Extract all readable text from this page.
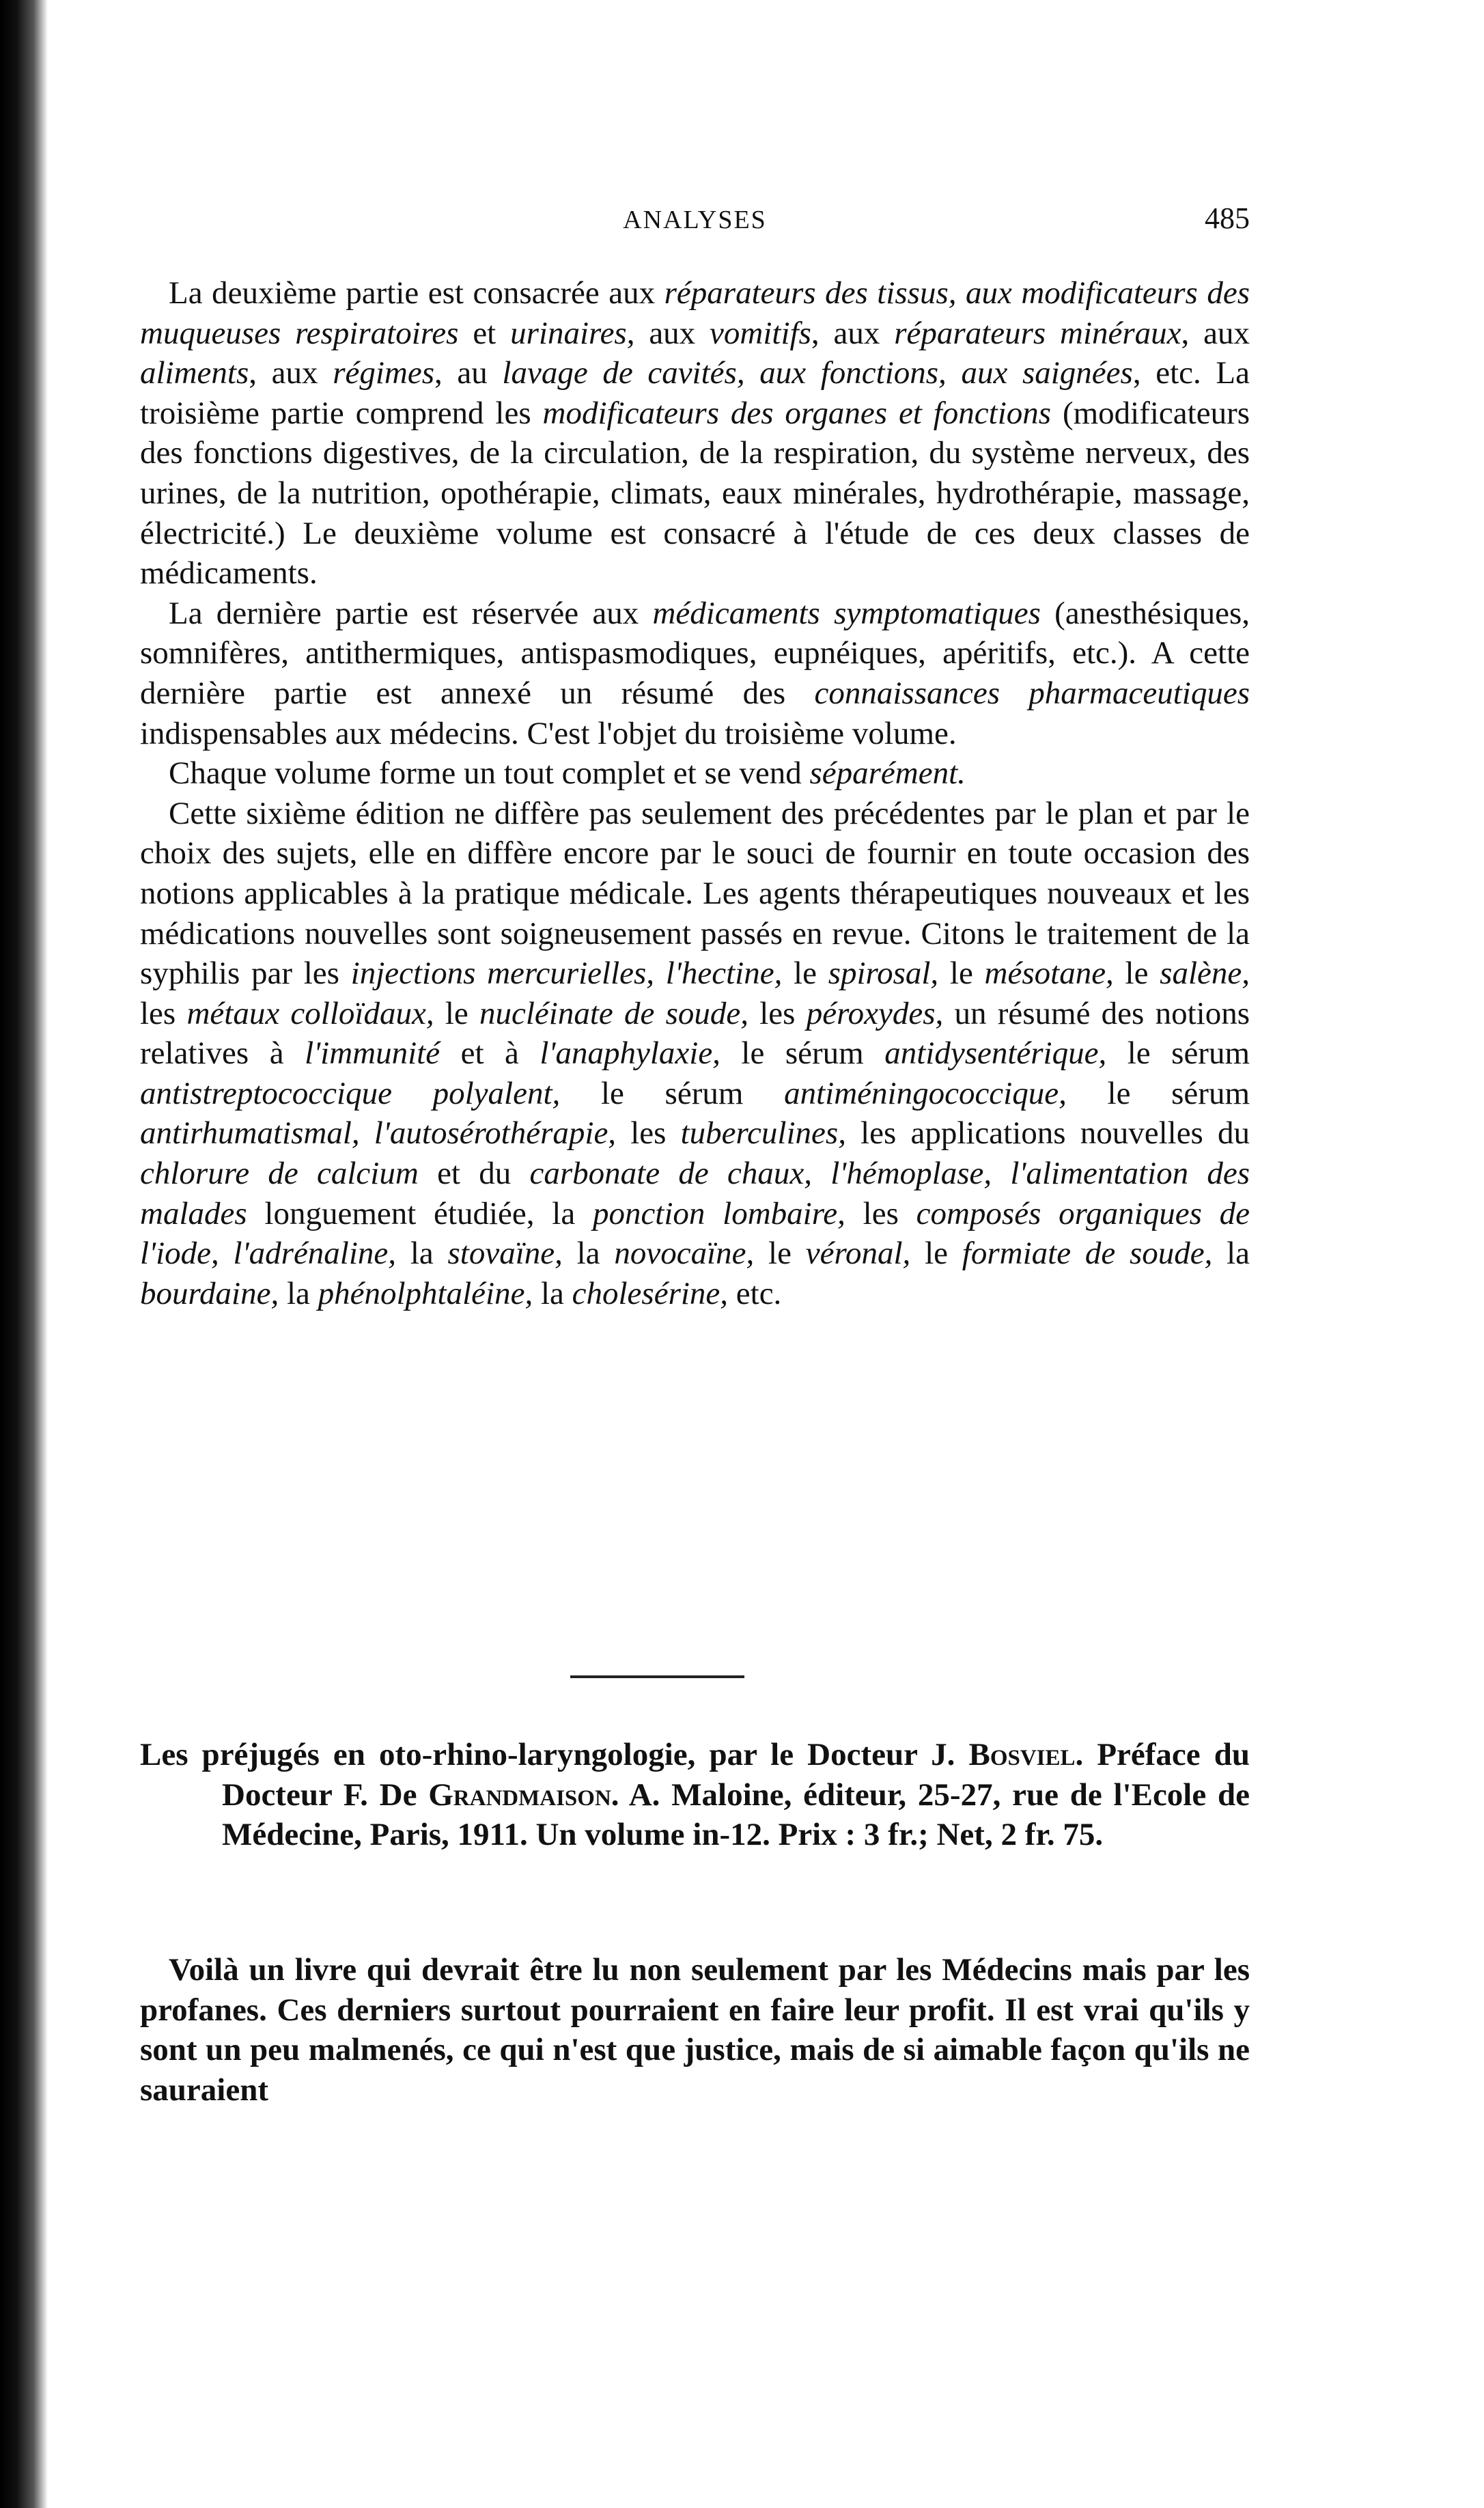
ANALYSES	485

La deuxième partie est consacrée aux réparateurs des tissus, aux modificateurs des muqueuses respiratoires et urinaires, aux vomitifs, aux réparateurs minéraux, aux aliments, aux régimes, au lavage de cavités, aux fonctions, aux saignées, etc. La troisième partie comprend les modificateurs des organes et fonctions (modificateurs des fonctions digestives, de la circulation, de la respiration, du système nerveux, des urines, de la nutrition, opothérapie, climats, eaux minérales, hydrothérapie, massage, électricité.) Le deuxième volume est consacré à l'étude de ces deux classes de médicaments.

La dernière partie est réservée aux médicaments symptomatiques (anesthésiques, somnifères, antithermiques, antispasmodiques, eupnéiques, apéritifs, etc.). A cette dernière partie est annexé un résumé des connaissances pharmaceutiques indispensables aux médecins. C'est l'objet du troisième volume.

Chaque volume forme un tout complet et se vend séparément.

Cette sixième édition ne diffère pas seulement des précédentes par le plan et par le choix des sujets, elle en diffère encore par le souci de fournir en toute occasion des notions applicables à la pratique médicale. Les agents thérapeutiques nouveaux et les médications nouvelles sont soigneusement passés en revue. Citons le traitement de la syphilis par les injections mercurielles, l'hectine, le spirosal, le mésotane, le salène, les métaux colloïdaux, le nucléinate de soude, les péroxydes, un résumé des notions relatives à l'immunité et à l'anaphylaxie, le sérum antidysentérique, le sérum antistreptococcique polyalent, le sérum antiméningococcique, le sérum antirhumatismal, l'autosérothérapie, les tuberculines, les applications nouvelles du chlorure de calcium et du carbonate de chaux, l'hémoplase, l'alimentation des malades longuement étudiée, la ponction lombaire, les composés organiques de l'iode, l'adrénaline, la stovaïne, la novocaïne, le véronal, le formiate de soude, la bourdaine, la phénolphtaléine, la cholesérine, etc.

Les préjugés en oto-rhino-laryngologie, par le Docteur J. Bosviel. Préface du Docteur F. De Grandmaison. A. Maloine, éditeur, 25-27, rue de l'Ecole de Médecine, Paris, 1911. Un volume in-12. Prix : 3 fr.; Net, 2 fr. 75.
Voilà un livre qui devrait être lu non seulement par les Médecins mais par les profanes. Ces derniers surtout pourraient en faire leur profit. Il est vrai qu'ils y sont un peu malmenés, ce qui n'est que justice, mais de si aimable façon qu'ils ne sauraient
